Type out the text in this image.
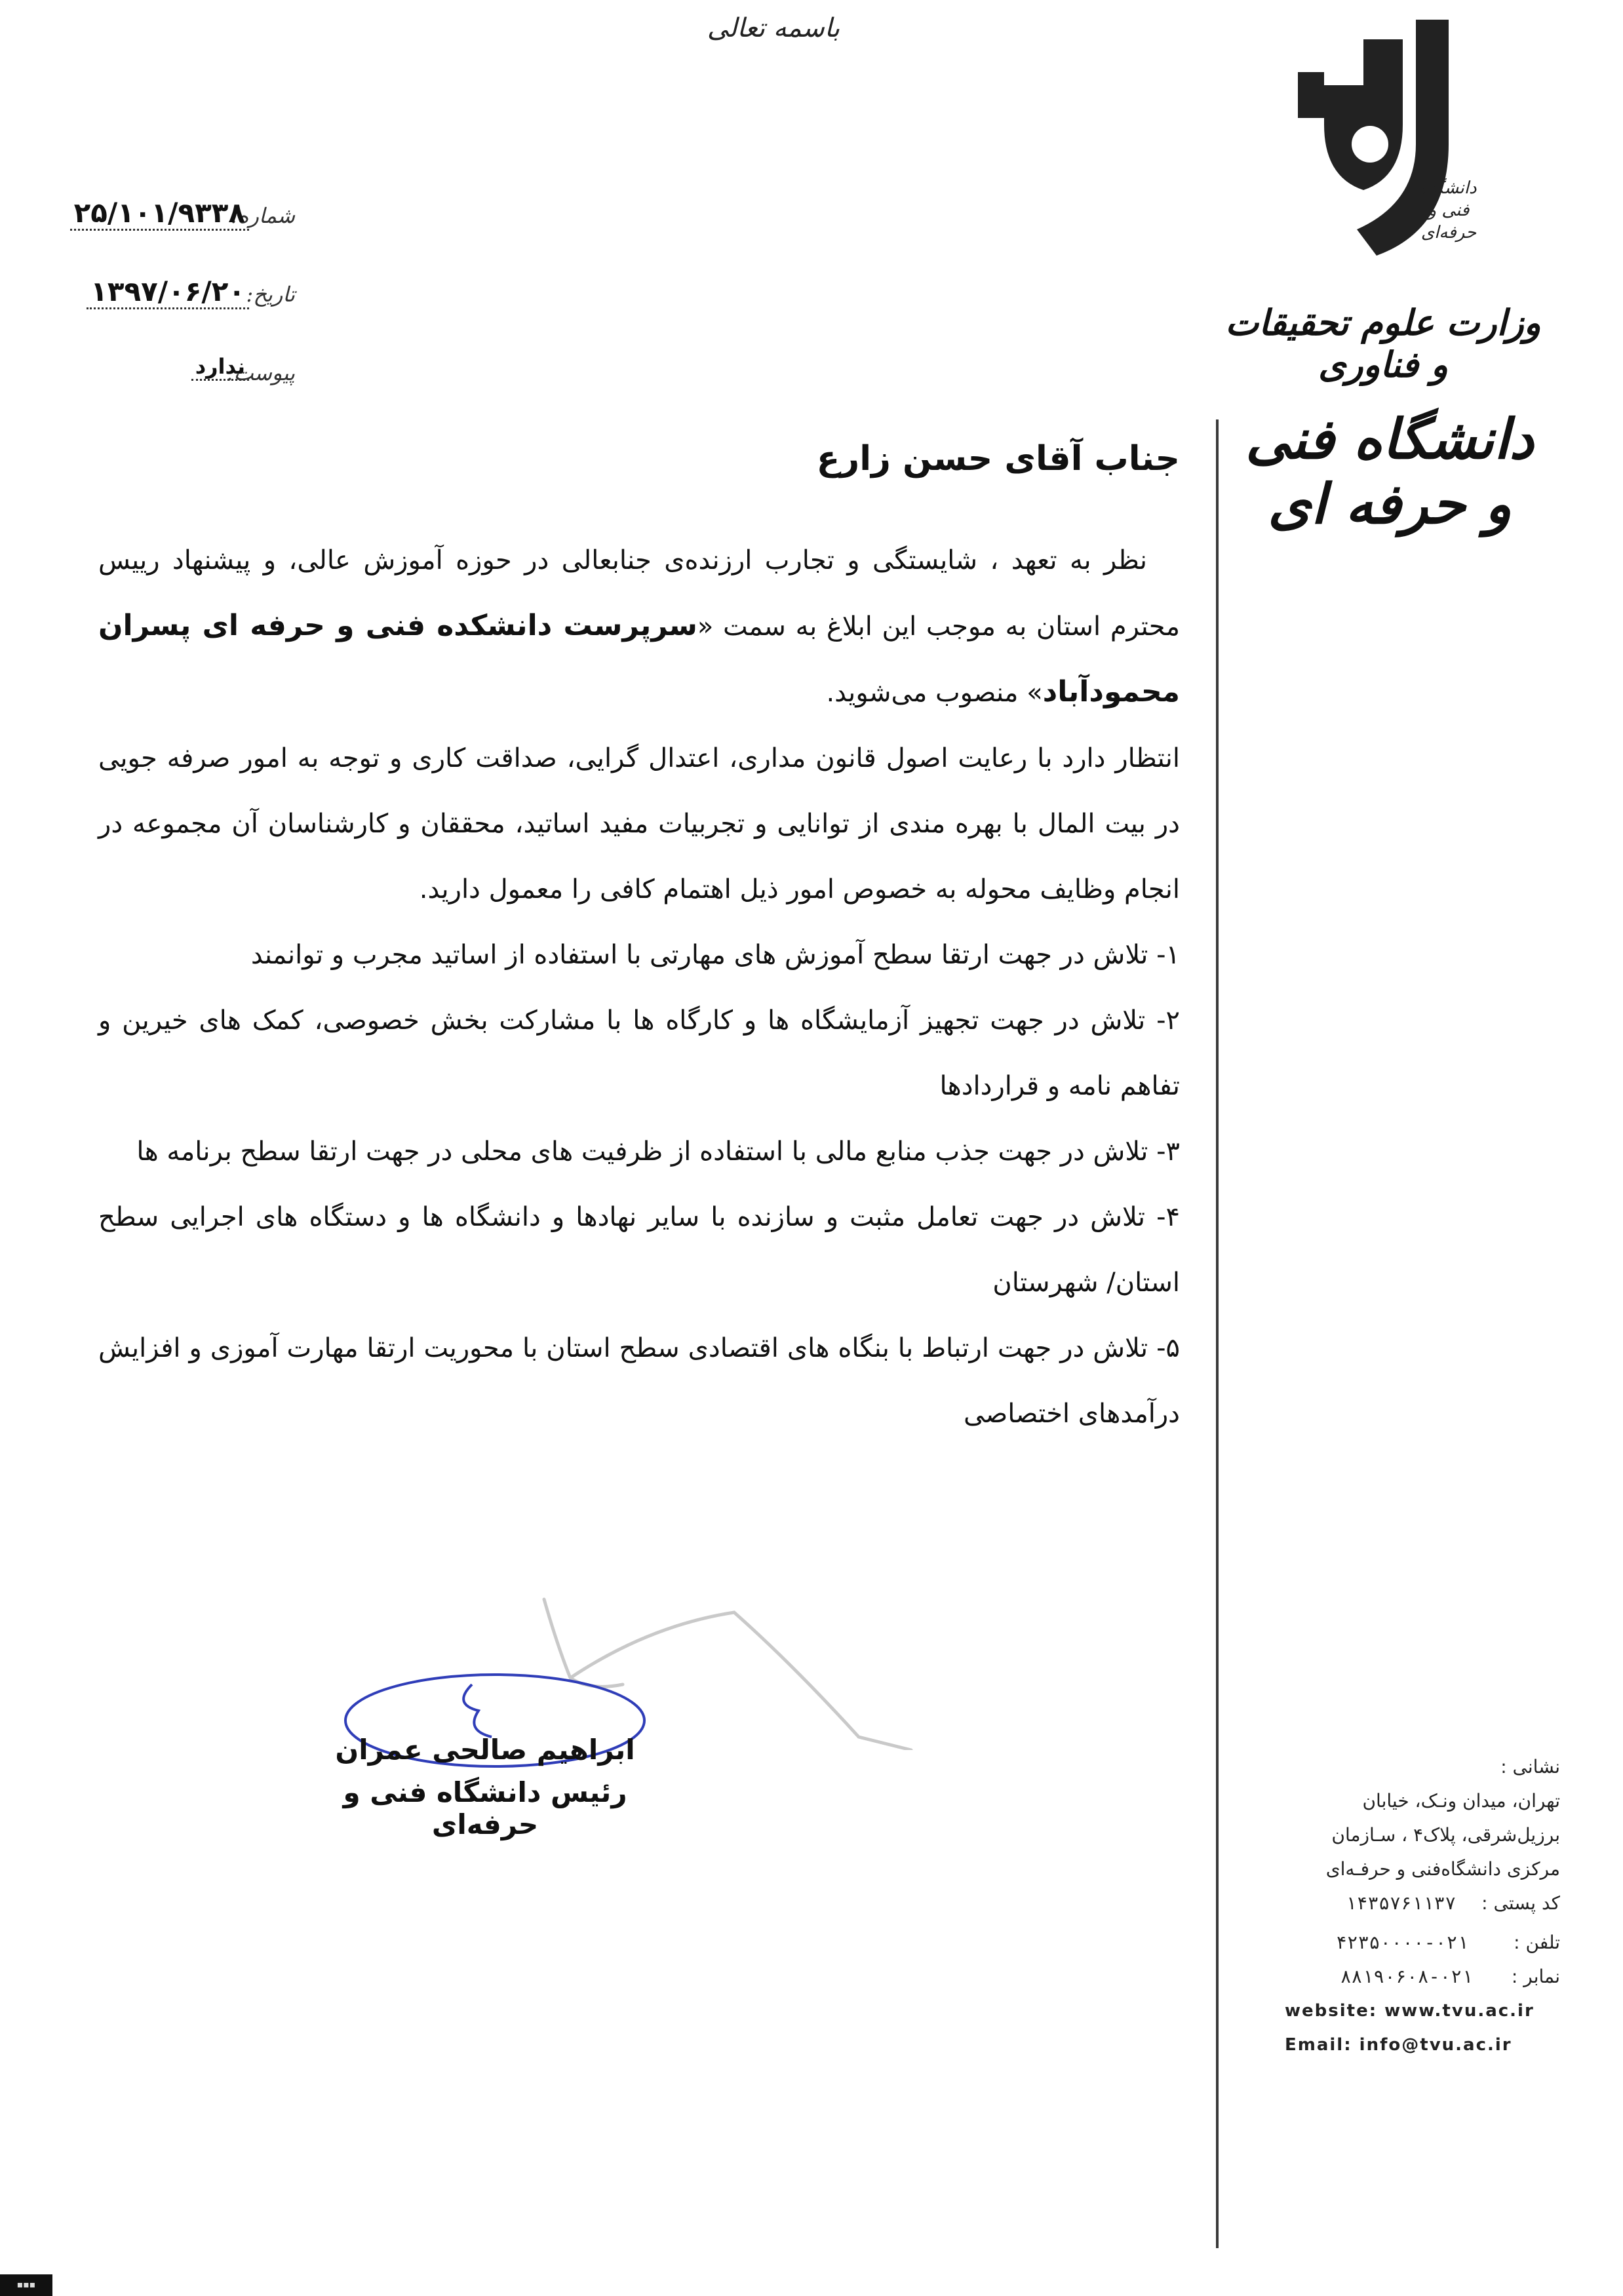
باسمه تعالی
دانشگاه
فنی و حرفه‌ای
وزارت علوم تحقیقات و فناوری
دانشگاه فنی و حرفه ای
شماره:
۲۵/۱۰۱/۹۳۳۸
تاریخ:
۱۳۹۷/۰۶/۲۰
پیوست:
ندارد
جناب آقای حسن زارع

نظر به تعهد ، شایستگی و تجارب ارزنده‌ی جنابعالی در حوزه آموزش عالی، و پیشنهاد رییس محترم استان به موجب این ابلاغ به سمت «سرپرست دانشکده فنی و حرفه ای پسران محمودآباد» منصوب می‌شوید.

انتظار دارد با رعایت اصول قانون مداری، اعتدال گرایی، صداقت کاری و توجه به امور صرفه جویی در بیت المال با بهره مندی از توانایی و تجربیات مفید اساتید، محققان و کارشناسان آن مجموعه در انجام وظایف محوله به خصوص امور ذیل اهتمام کافی را معمول دارید.

۱- تلاش در جهت ارتقا سطح آموزش های مهارتی با استفاده از اساتید مجرب و توانمند

۲- تلاش در جهت تجهیز آزمایشگاه ها و کارگاه ها با مشارکت بخش خصوصی، کمک های خیرین و تفاهم نامه و قراردادها

۳- تلاش در جهت جذب منابع مالی با استفاده از ظرفیت های محلی در جهت ارتقا سطح برنامه ها

۴- تلاش در جهت تعامل مثبت و سازنده با سایر نهادها و دانشگاه ها و دستگاه های اجرایی سطح استان/ شهرستان

۵- تلاش در جهت ارتباط با بنگاه های اقتصادی سطح استان با محوریت ارتقا مهارت آموزی و افزایش درآمدهای اختصاصی

ابراهیم صالحی عمران
رئیس دانشگاه فنی و حرفه‌ای
نشانی :
تهران، میدان ونـک، خیابان
برزیل‌شرقی، پلاک۴ ، سـازمان
مرکزی دانشگاه‌فنی و حرفـه‌ای
کد پستی : ۱۴۳۵۷۶۱۱۳۷
تلفن : ۰۲۱-۴۲۳۵۰۰۰۰
نمابر : ۰۲۱-۸۸۱۹۰۶۰۸
website: www.tvu.ac.ir
Email: info@tvu.ac.ir
▪▪▪
